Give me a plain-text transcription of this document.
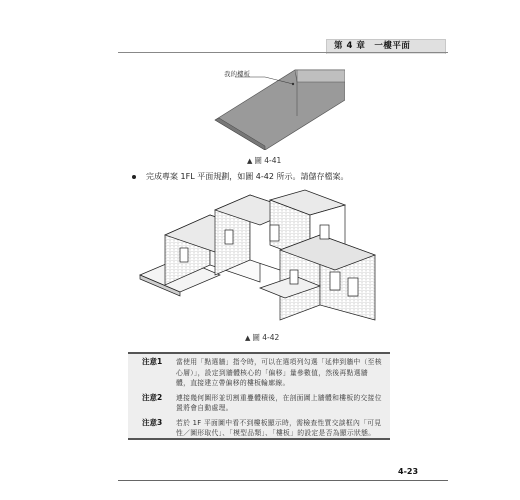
第 4 章　一樓平面
我的樓板
▲ 圖 4-41
完成專案 1FL 平面規劃，如圖 4-42 所示。請儲存檔案。
▲ 圖 4-42
注意1	當使用「點選牆」指令時，可以在選項列勾選「延伸到牆中（至核心層）」，設定到牆體核心的「偏移」量參數值，然後再點選牆體，直接建立帶偏移的樓板輪廓線。
注意2	連接幾何圖形並切割重疊體積後，在剖面圖上牆體和樓板的交接位置將會自動處理。
注意3	若於 1F 平面圖中看不到樓板顯示時，需檢查性質交談框內「可見性／圖形取代」、「模型品類」、「樓板」的設定是否為顯示狀態。
4-23
